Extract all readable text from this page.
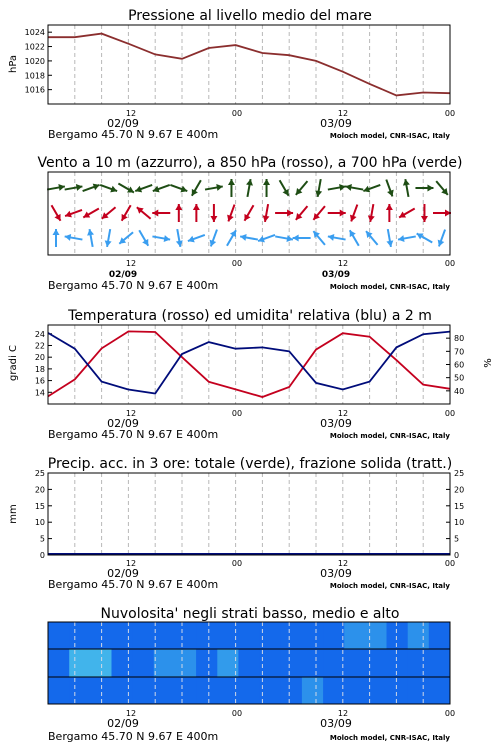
Pressione al livello medio del mare
hPa
1016
1018
1020
1022
1024
12	00	12	00
02/09	03/09
Bergamo 45.70 N 9.67 E 400m	Moloch model, CNR-ISAC, Italy
Vento a 10 m (azzurro), a 850 hPa (rosso), a 700 hPa (verde)
12	00	12	00
02/09	03/09
Bergamo 45.70 N 9.67 E 400m	Moloch model, CNR-ISAC, Italy
Temperatura (rosso) ed umidita' relativa (blu) a 2 m
gradi C	%
14
16
18
20
22
24
40
50
60
70
80
12	00	12	00
02/09	03/09
Bergamo 45.70 N 9.67 E 400m	Moloch model, CNR-ISAC, Italy
Precip. acc. in 3 ore: totale (verde), frazione solida (tratt.)
mm
0
5
10
15
20
25
0
5
10
15
20
25
12	00	12	00
02/09	03/09
Bergamo 45.70 N 9.67 E 400m	Moloch model, CNR-ISAC, Italy
Nuvolosita' negli strati basso, medio e alto
12	00	12	00
02/09	03/09
Bergamo 45.70 N 9.67 E 400m	Moloch model, CNR-ISAC, Italy
